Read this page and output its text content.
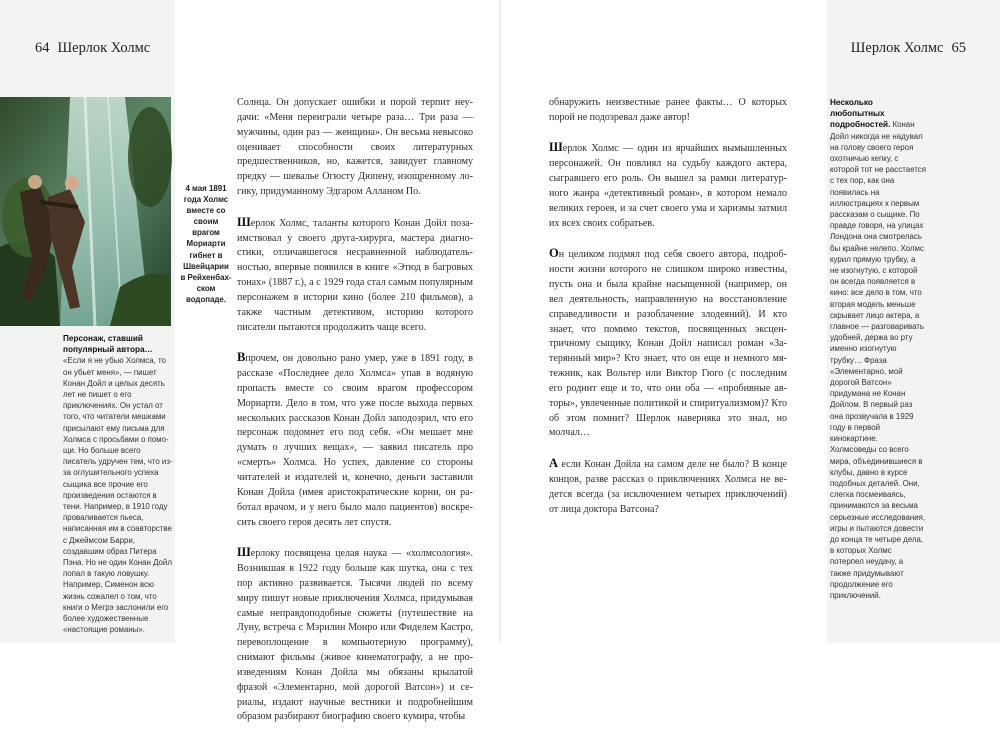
64 Шерлок Холмс
Персонаж, ставший популярный автора… «Если я не убью Холмса, то он убьет меня», — пишет Конан Дойл и целых десять лет не пишет о его приключениях. Он устал от того, что читатели мешками присылают ему письма для Холмса с просьбами о помощи. Но больше всего писатель удручен тем, что из-за оглушительного успеха сыщика все прочие его произведения остаются в тени. Например, в 1910 году проваливается пьеса, написанная им в соавторстве с Джеймсом Барри, создавшим образ Питера Пэна. Но не один Конан Дойл попал в такую ловушку. Например, Сименон всю жизнь сожалел о том, что книги о Мегрэ заслонили его более художественные «настоящие романы».
4 мая 1891 года Холмс вместе со своим врагом Мориарти гибнет в Швейцарии в Рейхенбахском водопаде.

Солнца. Он допускает ошибки и порой терпит неудачи: «Меня переиграли четыре раза… Три раза — мужчины, один раз — женщина». Он весьма невысоко оценивает способности своих литературных предшественников, но, кажется, завидует главному предку — шевалье Огюсту Дюпену, изощренному логику, придуманному Эдгаром Алланом По.

Шерлок Холмс, таланты которого Конан Дойл позаимствовал у своего друга-хирурга, мастера диагностики, отличавшегося несравненной наблюдательностью, впервые появился в книге «Этюд в багровых тонах» (1887 г.), а с 1929 года стал самым популярным персонажем в истории кино (более 210 фильмов), а также частным детективом, историю которого писатели пытаются продолжить чаще всего.

Впрочем, он довольно рано умер, уже в 1891 году, в рассказе «Последнее дело Холмса» упав в водяную пропасть вместе со своим врагом профессором Мориарти. Дело в том, что уже после выхода первых нескольких рассказов Конан Дойл заподозрил, что его персонаж подомнет его под себя. «Он мешает мне думать о лучших вещах», — заявил писатель про «смерть» Холмса. Но успех, давление со стороны читателей и издателей и, конечно, деньги заставили Конан Дойла (имея аристократические корни, он работал врачом, и у него было мало пациентов) воскресить своего героя десять лет спустя.

Шерлоку посвящена целая наука — «холмсология». Возникшая в 1922 году больше как шутка, она с тех пор активно развивается. Тысячи людей по всему миру пишут новые приключения Холмса, придумывая самые неправдоподобные сюжеты (путешествие на Луну, встреча с Мэрилин Монро или Фиделем Кастро, перевоплощение в компьютерную программу), снимают фильмы (живое кинематографу, а не произведениям Конан Дойла мы обязаны крылатой фразой «Элементарно, мой дорогой Ватсон») и сериалы, издают научные вестники и подробнейшим образом разбирают биографию своего кумира, чтобы

Шерлок Холмс 65

обнаружить неизвестные ранее факты… О которых порой не подозревал даже автор!

Шерлок Холмс — один из ярчайших вымышленных персонажей. Он повлиял на судьбу каждого актера, сыгравшего его роль. Он вышел за рамки литературного жанра «детективный роман», в котором немало великих героев, и за счет своего ума и харизмы затмил их всех своих собратьев.

Он целиком подмял под себя своего автора, подробности жизни которого не слишком широко известны, пусть она и была крайне насыщенной (например, он вел деятельность, направленную на восстановление справедливости и разоблачение злодеяний). И кто знает, что помимо текстов, посвященных эксцентричному сыщику, Конан Дойл написал роман «Затерянный мир»? Кто знает, что он еще и немного мятежник, как Вольтер или Виктор Гюго (с последним его роднит еще и то, что они оба — «пробивные авторы», увлеченные политикой и спиритуализмом)? Кто об этом помнит? Шерлок наверняка это знал, но молчал…

А если Конан Дойла на самом деле не было? В конце концов, разве рассказ о приключениях Холмса не ведется всегда (за исключением четырех приключений) от лица доктора Ватсона?

Несколько любопытных подробностей. Конан Дойл никогда не надувал на голову своего героя охотничью кепку, с которой тот не расстается с тех пор, как она появилась на иллюстрациях к первым рассказам о сыщике. По правде говоря, на улицах Лондона она смотрелась бы крайне нелепо. Холмс курил прямую трубку, а не изогнутую, с которой он всегда появляется в кино: все дело в том, что вторая модель меньше скрывает лицо актера, а главное — разговаривать удобней, держа во рту именно изогнутую трубку… Фраза «Элементарно, мой дорогой Ватсон» придумана не Конан Дойлом. В первый раз она прозвучала в 1929 году в первой кинокартине. Холмсоведы со всего мира, объединившиеся в клубы, давно в курсе подобных деталей. Они, слегка посмеиваясь, принимаются за весьма серьезные исследования, игры и пытаются довести до конца те четыре дела, в которых Холмс потерпел неудачу, а также придумывают продолжение его приключений.
